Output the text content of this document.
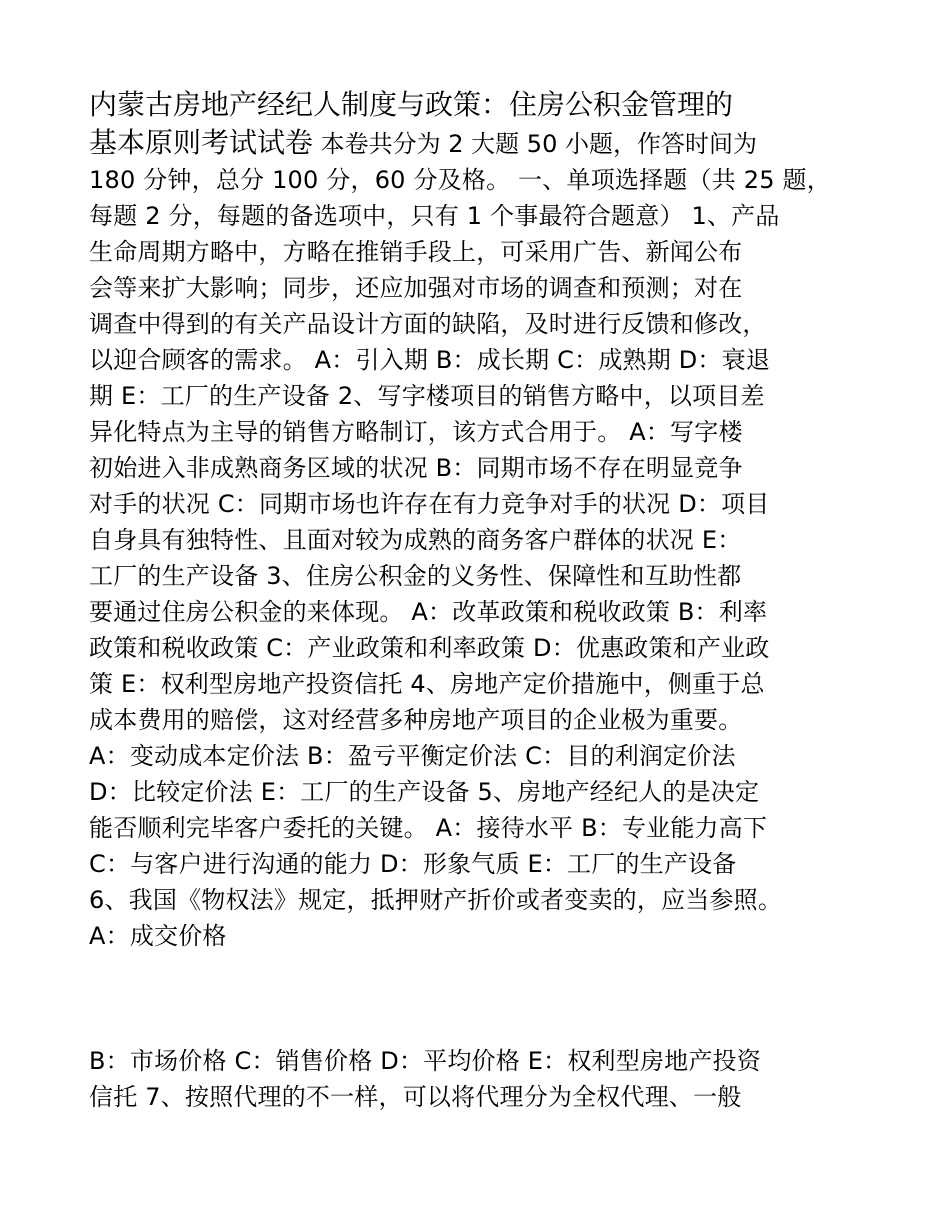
内蒙古房地产经纪人制度与政策：住房公积金管理的
基本原则考试试卷 本卷共分为 2 大题 50 小题，作答时间为
180 分钟，总分 100 分，60 分及格。 一、单项选择题（共 25 题，
每题 2 分，每题的备选项中，只有 1 个事最符合题意） 1、产品
生命周期方略中，方略在推销手段上，可采用广告、新闻公布
会等来扩大影响；同步，还应加强对市场的调查和预测；对在
调查中得到的有关产品设计方面的缺陷，及时进行反馈和修改，
以迎合顾客的需求。 A：引入期 B：成长期 C：成熟期 D：衰退
期 E：工厂的生产设备 2、写字楼项目的销售方略中，以项目差
异化特点为主导的销售方略制订，该方式合用于。 A：写字楼
初始进入非成熟商务区域的状况 B：同期市场不存在明显竞争
对手的状况 C：同期市场也许存在有力竞争对手的状况 D：项目
自身具有独特性、且面对较为成熟的商务客户群体的状况 E：
工厂的生产设备 3、住房公积金的义务性、保障性和互助性都
要通过住房公积金的来体现。 A：改革政策和税收政策 B：利率
政策和税收政策 C：产业政策和利率政策 D：优惠政策和产业政
策 E：权利型房地产投资信托 4、房地产定价措施中，侧重于总
成本费用的赔偿，这对经营多种房地产项目的企业极为重要。
A：变动成本定价法 B：盈亏平衡定价法 C：目的利润定价法
D：比较定价法 E：工厂的生产设备 5、房地产经纪人的是决定
能否顺利完毕客户委托的关键。 A：接待水平 B：专业能力高下
C：与客户进行沟通的能力 D：形象气质 E：工厂的生产设备
6、我国《物权法》规定，抵押财产折价或者变卖的，应当参照。
A：成交价格
B：市场价格 C：销售价格 D：平均价格 E：权利型房地产投资
信托 7、按照代理的不一样，可以将代理分为全权代理、一般
